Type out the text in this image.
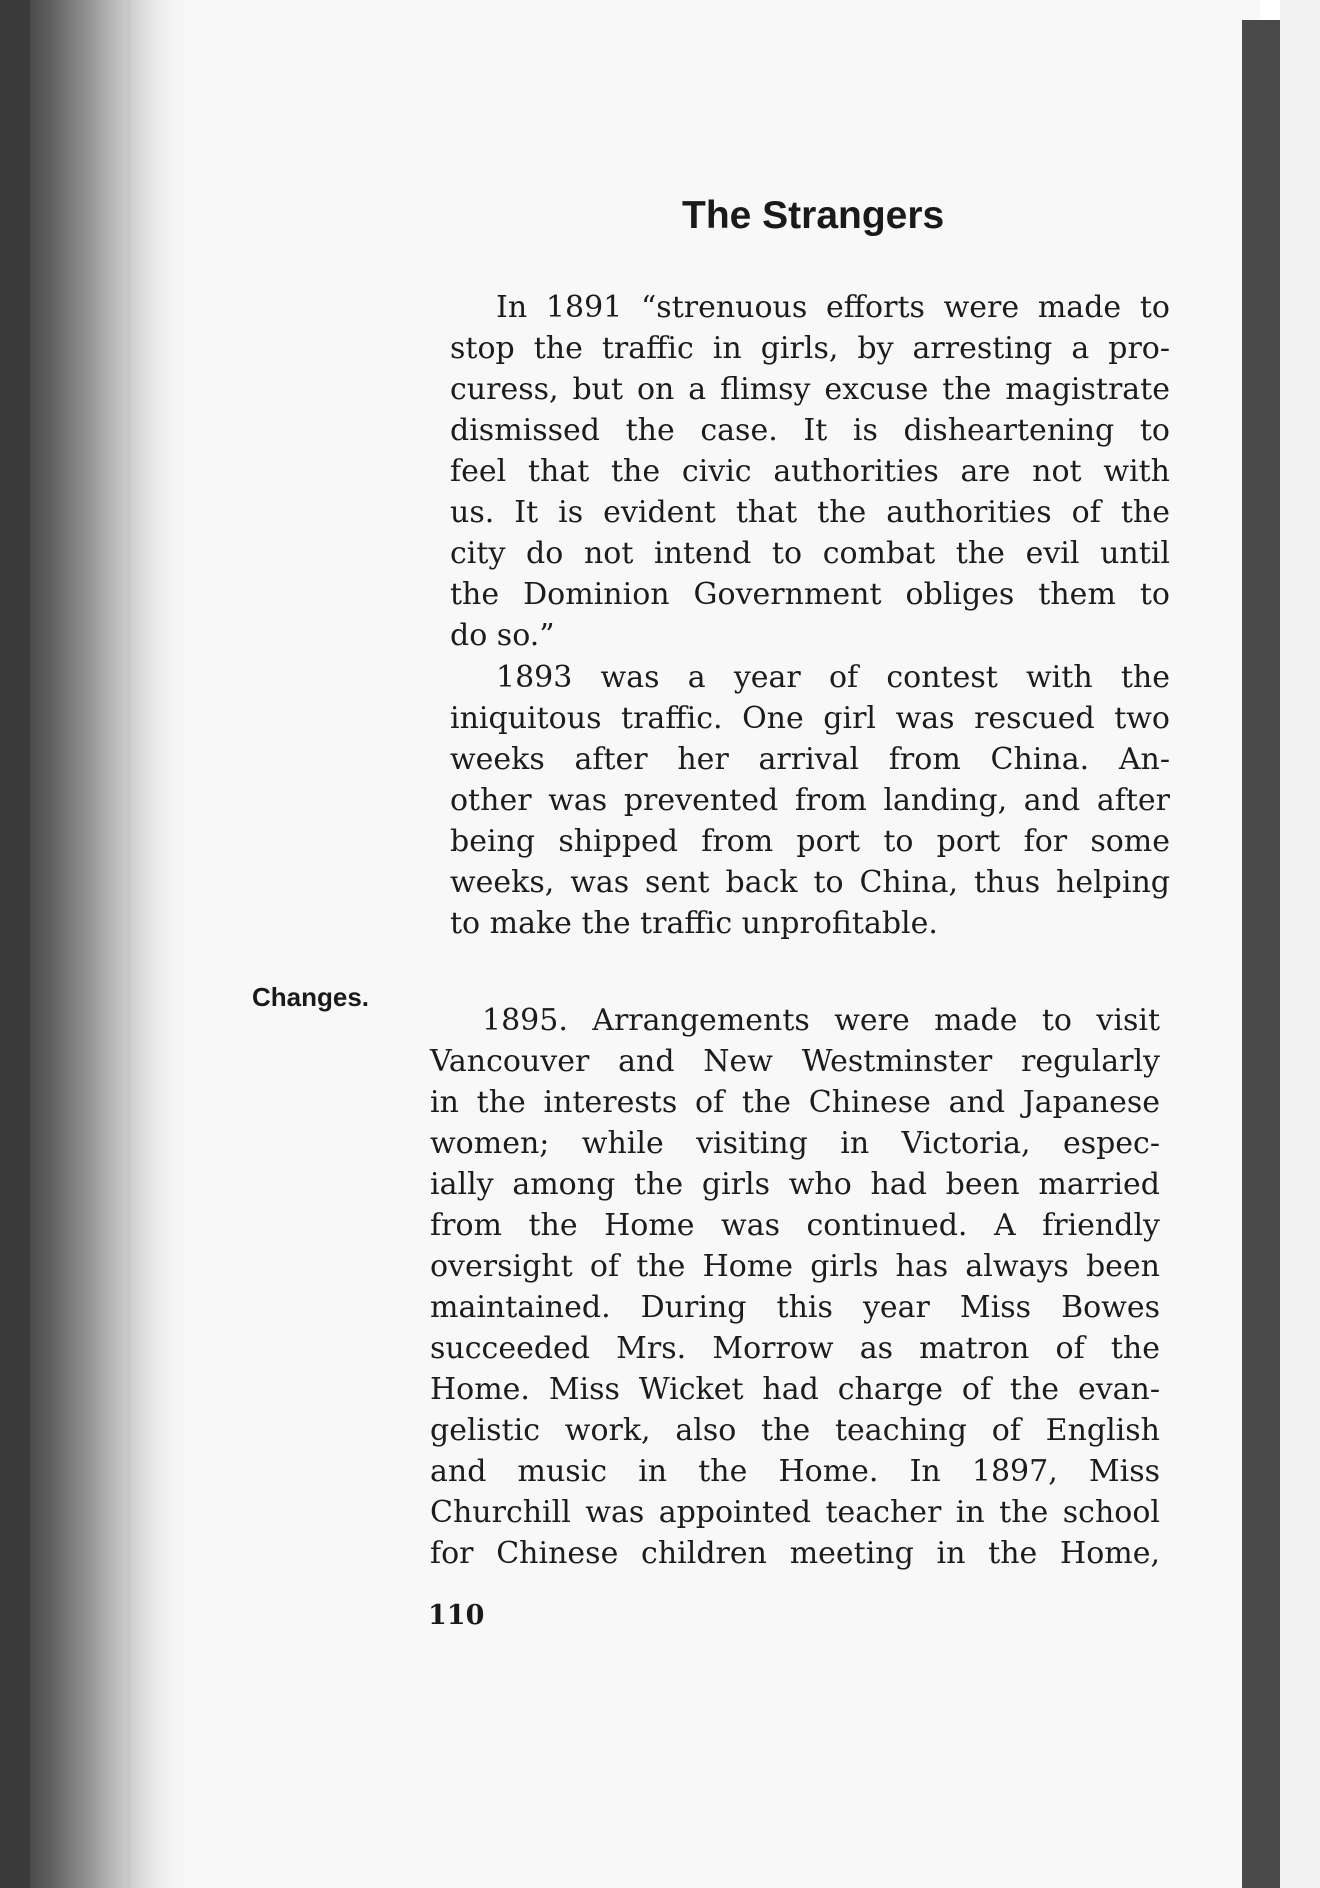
The Strangers
In 1891 “strenuous efforts were made to
stop the traffic in girls, by arresting a pro-
curess, but on a flimsy excuse the magistrate
dismissed the case. It is disheartening to
feel that the civic authorities are not with
us. It is evident that the authorities of the
city do not intend to combat the evil until
the Dominion Government obliges them to
do so.”
1893 was a year of contest with the
iniquitous traffic. One girl was rescued two
weeks after her arrival from China. An-
other was prevented from landing, and after
being shipped from port to port for some
weeks, was sent back to China, thus helping
to make the traffic unprofitable.
Changes.
1895. Arrangements were made to visit
Vancouver and New Westminster regularly
in the interests of the Chinese and Japanese
women; while visiting in Victoria, espec-
ially among the girls who had been married
from the Home was continued. A friendly
oversight of the Home girls has always been
maintained. During this year Miss Bowes
succeeded Mrs. Morrow as matron of the
Home. Miss Wicket had charge of the evan-
gelistic work, also the teaching of English
and music in the Home. In 1897, Miss
Churchill was appointed teacher in the school
for Chinese children meeting in the Home,
110
